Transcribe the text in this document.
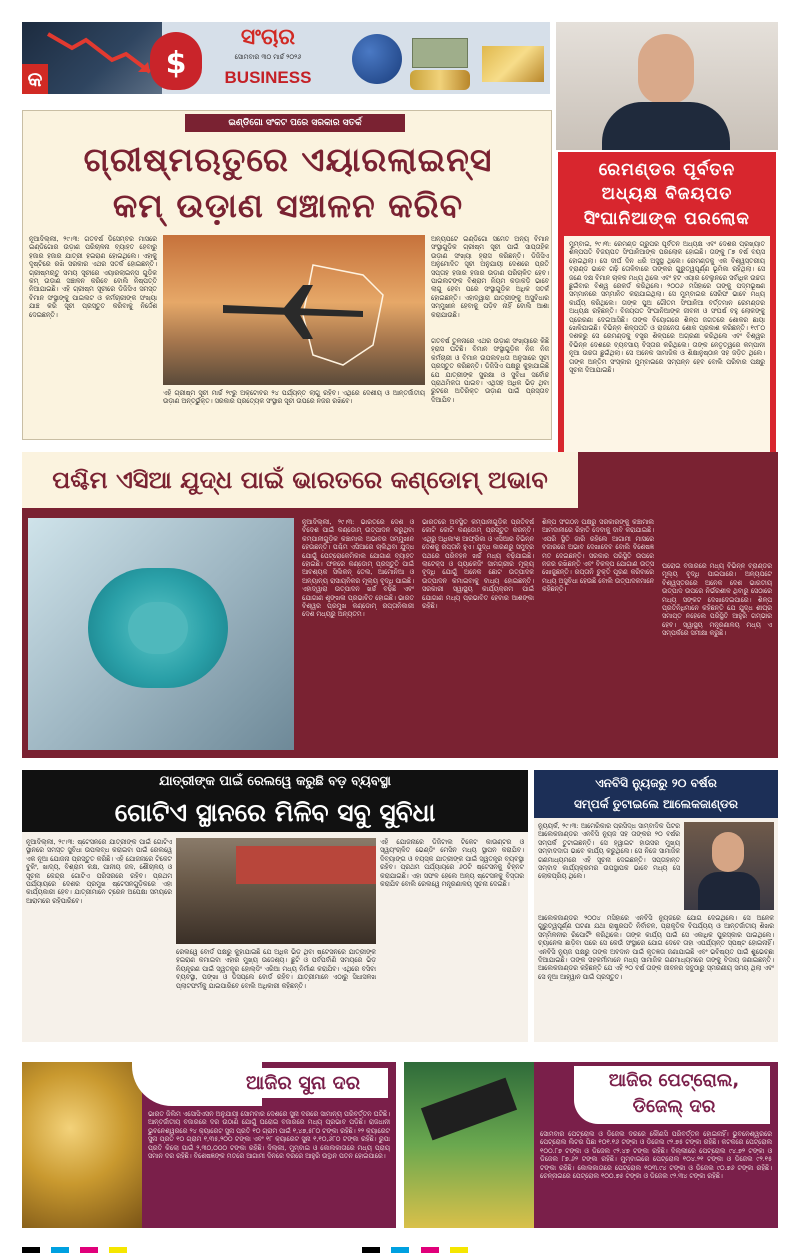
କ	$
ସଂଚାର
ସୋମବାର ୩୦ ମାର୍ଚ୍ଚ ୨୦୨୬
BUSINESS
ଇଣ୍ଡିଗୋ ସଂକଟ ପରେ ସରକାର ସତର୍କ
ଗ୍ରୀଷ୍ମଋତୁରେ ଏୟାରଲାଇନ୍ସ
କମ୍ ଉଡ଼ାଣ ସଞ୍ଚାଳନ କରିବ
ନୂଆଦିଲ୍ଲୀ, ୨୯।୩: ଗତବର୍ଷ ଡିସେମ୍ବର ମାସରେ ଇଣ୍ଡିଗୋର ଉଡ଼ାଣ ପରିଚାଳନା ବ୍ୟାହତ ହେବାରୁ ହଜାର ହଜାର ଯାତ୍ରୀ ହଇରାଣ ହୋଇଥିଲେ। ଏହାକୁ ଦୃଷ୍ଟିରେ ରଖି ସରକାର ଏଥର ସତର୍କ ହୋଇଛନ୍ତି। ଗ୍ରୀଷ୍ମଋତୁ ସମୟ ସୂଚୀରେ ଏୟାରଲାଇନ୍ସ ଗୁଡ଼ିକ କମ୍ ଉଡ଼ାଣ ସଞ୍ଚାଳନ କରିବେ ବୋଲି ନିଷ୍ପତ୍ତି ନିଆଯାଇଛି। ଏହି ଗ୍ରୀଷ୍ମ ସୂଚୀରେ ଡିଜିସିଏ ସମସ୍ତ ବିମାନ ସଂସ୍ଥାଙ୍କୁ ପାଇଲଟ ଓ କର୍ମଚାରୀଙ୍କ ସଂଖ୍ୟା ଯାଞ୍ଚ କରି ସୂଚୀ ପ୍ରସ୍ତୁତ କରିବାକୁ ନିର୍ଦ୍ଦେଶ ଦେଇଛନ୍ତି।
ଏହି ଗ୍ରୀଷ୍ମ ସୂଚୀ ମାର୍ଚ୍ଚ ୨୯ରୁ ଅକ୍ଟୋବର ୨୪ ପର୍ଯ୍ୟନ୍ତ ଲାଗୁ ରହିବ। ଏଥିରେ ଦେଶୀୟ ଓ ଆନ୍ତର୍ଜାତୀୟ ଉଡ଼ାଣ ଅନ୍ତର୍ଭୁକ୍ତ। ସରକାର ପ୍ରତ୍ୟେକ ସଂସ୍ଥାର ସୂଚୀ ଉପରେ ନଜର ରଖିବେ।
ଅନ୍ୟପଟେ ଇଣ୍ଡିଗୋ ସମେତ ଅନ୍ୟ ବିମାନ ସଂସ୍ଥାଗୁଡ଼ିକ ଗ୍ରୀଷ୍ମ ସୂଚୀ ପାଇଁ ସାପ୍ତାହିକ ଉଡ଼ାଣ ସଂଖ୍ୟା ହ୍ରାସ କରିଛନ୍ତି। ଡିଜିସିଏ ଅନୁମୋଦିତ ସୂଚୀ ଅନୁଯାୟୀ ଦେଶରେ ପ୍ରତି ସପ୍ତାହ ହଜାର ହଜାର ଉଡ଼ାଣ ପରିଚାଳିତ ହେବ। ପାଇଲଟଙ୍କ ବିଶ୍ରାମ ନିୟମ କଡ଼ାକଡ଼ି ଭାବେ ଲାଗୁ ହେବା ପରେ ସଂସ୍ଥାଗୁଡ଼ିକ ଅଧିକ ସତର୍କ ହୋଇଛନ୍ତି। ଏହାଦ୍ୱାରା ଯାତ୍ରୀଙ୍କୁ ଅସୁବିଧାର ସମ୍ମୁଖୀନ ହେବାକୁ ପଡ଼ିବ ନାହିଁ ବୋଲି ଆଶା କରାଯାଉଛି।
ଗତବର୍ଷ ତୁଳନାରେ ଏଥର ଉଡ଼ାଣ ସଂଖ୍ୟାରେ କିଛି ହ୍ରାସ ଘଟିଛି। ବିମାନ ସଂସ୍ଥାଗୁଡ଼ିକ ନିଜ ନିଜ କର୍ମଚାରୀ ଓ ବିମାନ ଉପଲବ୍ଧତା ଅନୁସାରେ ସୂଚୀ ପ୍ରସ୍ତୁତ କରିଛନ୍ତି। ଡିଜିସିଏ ପକ୍ଷରୁ କୁହାଯାଇଛି ଯେ ଯାତ୍ରୀଙ୍କ ସୁରକ୍ଷା ଓ ସୁବିଧା ସର୍ବୋଚ୍ଚ ପ୍ରାଥମିକତା ପାଇବ। ଏଥିସହ ଅଧିକ ଭିଡ଼ ଥିବା ରୁଟରେ ଅତିରିକ୍ତ ଉଡ଼ାଣ ପାଇଁ ପ୍ରସ୍ତାବ ଦିଆଯିବ।
ରେମଣ୍ଡର ପୂର୍ବତନ
ଅଧ୍ୟକ୍ଷ ବିଜୟପତ
ସିଂଘାନିଆଙ୍କ ପରଲୋକ
ମୁମ୍ବାଇ, ୨୯।୩: ରେମଣ୍ଡ ଗ୍ରୁପର ପୂର୍ବତନ ଅଧ୍ୟକ୍ଷ ଏବଂ ଦେଶର ପ୍ରଖ୍ୟାତ ଶିଳ୍ପପତି ବିଜୟପତ ସିଂଘାନିଆଙ୍କ ପରଲୋକ ହୋଇଛି। ତାଙ୍କୁ ୮୭ ବର୍ଷ ବୟସ ହୋଇଥିଲା। ସେ ଦୀର୍ଘ ଦିନ ଧରି ଅସୁସ୍ଥ ଥିଲେ। ରେମଣ୍ଡକୁ ଏକ ବିଶ୍ୱସ୍ତରୀୟ ବ୍ରାଣ୍ଡ ଭାବେ ଗଢ଼ି ତୋଳିବାରେ ତାଙ୍କର ଗୁରୁତ୍ୱପୂର୍ଣ୍ଣ ଭୂମିକା ରହିଥିଲା। ସେ ଜଣେ ଦକ୍ଷ ବିମାନ ଚାଳକ ମଧ୍ୟ ଥିଲେ ଏବଂ ହଟ ଏୟାର ବେଲୁନରେ ସର୍ବାଧିକ ଉଚ୍ଚତା ଛୁଇଁବାର ବିଶ୍ୱ ରେକର୍ଡ କରିଥିଲେ। ୨୦୦୬ ମସିହାରେ ତାଙ୍କୁ ପଦ୍ମଭୂଷଣ ସମ୍ମାନରେ ସମ୍ମାନିତ କରାଯାଇଥିଲା। ସେ ମୁମ୍ବାଇର ସେରିଫ ଭାବେ ମଧ୍ୟ କାର୍ଯ୍ୟ କରିଥିଲେ। ତାଙ୍କ ପୁଅ ଗୌତମ ସିଂଘାନିଆ ବର୍ତ୍ତମାନ ରେମଣ୍ଡର ଅଧ୍ୟକ୍ଷ ରହିଛନ୍ତି। ବିଜୟପତ ସିଂଘାନିଆଙ୍କ ଜୀବନୀ ଓ ସଂଘର୍ଷ ବହୁ ଲୋକଙ୍କୁ ପ୍ରେରଣା ଦେଇଆସିଛି। ତାଙ୍କ ବିୟୋଗରେ ଶିଳ୍ପ ଜଗତରେ ଶୋକର ଛାୟା ଖେଳିଯାଇଛି। ବିଭିନ୍ନ ଶିଳ୍ପପତି ଓ ରାଜନେତା ଶୋକ ପ୍ରକାଶ କରିଛନ୍ତି। ୧୯୮୦ ଦଶକରୁ ସେ ରେମଣ୍ଡକୁ ବସ୍ତ୍ର ଶିଳ୍ପରେ ଅଗ୍ରଣୀ କରିଥିଲେ ଏବଂ ବିଶ୍ୱର ବିଭିନ୍ନ ଦେଶରେ ବ୍ୟବସାୟ ବିସ୍ତାର କରିଥିଲେ। ତାଙ୍କ ନେତୃତ୍ୱରେ କମ୍ପାନୀ ନୂଆ ଉଚ୍ଚତା ଛୁଇଁଥିଲା। ସେ ଅନେକ ସାମାଜିକ ଓ ଶିକ୍ଷାନୁଷ୍ଠାନ ସହ ଜଡ଼ିତ ଥିଲେ। ତାଙ୍କ ଅନ୍ତିମ ସଂସ୍କାର ମୁମ୍ବାଇରେ ସମ୍ପନ୍ନ ହେବ ବୋଲି ପରିବାର ପକ୍ଷରୁ ସୂଚନା ଦିଆଯାଇଛି।
ପଶ୍ଚିମ ଏସିଆ ଯୁଦ୍ଧ ପାଇଁ ଭାରତରେ କଣ୍ଡୋମ୍ ଅଭାବ
ନୂଆଦିଲ୍ଲୀ, ୨୯।୩: ଭାରତରେ ଦେଶ ଓ ବିଦେଶ ପାଇଁ କଣ୍ଡୋମ୍ ଉତ୍ପାଦନ କରୁଥିବା କମ୍ପାନୀଗୁଡ଼ିକ କଞ୍ଚାମାଲ ଅଭାବର ସମ୍ମୁଖୀନ ହେଉଛନ୍ତି। ପଶ୍ଚିମ ଏସିଆରେ ଚାଲିଥିବା ଯୁଦ୍ଧ ଯୋଗୁଁ ପେଟ୍ରୋକେମିକାଲ ଯୋଗାଣ ବ୍ୟାହତ ହୋଇଛି। ଫଳରେ କଣ୍ଡୋମ୍ ପ୍ରସ୍ତୁତି ପାଇଁ ଆବଶ୍ୟକ ସିଲିକନ୍ ତେଲ, ଆମୋନିଆ ଓ ଅନ୍ୟାନ୍ୟ ରାସାୟନିକର ମୂଲ୍ୟ ବୃଦ୍ଧି ପାଇଛି। ଏହାଦ୍ୱାରା ଉତ୍ପାଦନ ଖର୍ଚ୍ଚ ବଢ଼ିଛି ଏବଂ ଯୋଗାଣ ଶୃଙ୍ଖଳା ପ୍ରଭାବିତ ହୋଇଛି। ଭାରତ ବିଶ୍ୱର ପ୍ରମୁଖ କଣ୍ଡୋମ୍ ରପ୍ତାନିକାରୀ ଦେଶ ମଧ୍ୟରୁ ଅନ୍ୟତମ।
ଭାରତରେ ଅବସ୍ଥିତ କମ୍ପାନୀଗୁଡ଼ିକ ପ୍ରତିବର୍ଷ କୋଟି କୋଟି କଣ୍ଡୋମ୍ ପ୍ରସ୍ତୁତ କରନ୍ତି। ଏଥିରୁ ଅଧିକାଂଶ ଆଫ୍ରିକା ଓ ଏସିଆର ବିଭିନ୍ନ ଦେଶକୁ ରପ୍ତାନି ହୁଏ। ଯୁଦ୍ଧ କାରଣରୁ ସମୁଦ୍ର ପଥରେ ପରିବହନ ଖର୍ଚ୍ଚ ମଧ୍ୟ ବଢ଼ିଯାଇଛି। ଲାଟେକ୍ସ ଓ ପ୍ୟାକେଜିଂ ସାମଗ୍ରୀର ମୂଲ୍ୟ ବୃଦ୍ଧି ଯୋଗୁଁ ଅନେକ ଛୋଟ ଉତ୍ପାଦକ ଉତ୍ପାଦନ କମାଇବାକୁ ବାଧ୍ୟ ହୋଇଛନ୍ତି। ସରକାରୀ ସ୍ୱାସ୍ଥ୍ୟ କାର୍ଯ୍ୟକ୍ରମ ପାଇଁ ଯୋଗାଣ ମଧ୍ୟ ପ୍ରଭାବିତ ହେବାର ଆଶଙ୍କା ରହିଛି।
ଶିଳ୍ପ ସଂଗଠନ ପକ୍ଷରୁ ସରକାରଙ୍କୁ କଞ୍ଚାମାଲ ଆମଦାନୀରେ ରିହାତି ଦେବାକୁ ଦାବି କରାଯାଇଛି। ଏପରି ସ୍ଥିତି ଜାରି ରହିଲେ ଆଗାମୀ ମାସରେ ବଜାରରେ ଅଭାବ ଦେଖାଦେବ ବୋଲି ବିଶେଷଜ୍ଞ ମତ ଦେଇଛନ୍ତି। ସରକାର ପରିସ୍ଥିତି ଉପରେ ନଜର ରଖିଛନ୍ତି ଏବଂ ବିକଳ୍ପ ଯୋଗାଣ ଉତ୍ସ ଖୋଜୁଛନ୍ତି। ରପ୍ତାନି ଚୁକ୍ତି ପୂରଣ କରିବାରେ ମଧ୍ୟ ଅସୁବିଧା ହେଉଛି ବୋଲି ଉତ୍ପାଦକମାନେ କହିଛନ୍ତି।
ଘରୋଇ ବଜାରରେ ମଧ୍ୟ ବିଭିନ୍ନ ବ୍ରାଣ୍ଡର ମୂଲ୍ୟ ବୃଦ୍ଧି ପାଇପାରେ। ଅନ୍ୟପଟେ ବିଶ୍ୱସ୍ତରରେ ଅନେକ ଦେଶ ଭାରତୀୟ ଉତ୍ପାଦ ଉପରେ ନିର୍ଭରଶୀଳ ଥିବାରୁ ସେଠାରେ ମଧ୍ୟ ସଙ୍କଟ ଦେଖାଦେଇପାରେ। ଶିଳ୍ପ ପ୍ରତିନିଧିମାନେ କହିଛନ୍ତି ଯେ ଯୁଦ୍ଧ ଶୀଘ୍ର ସମାପ୍ତ ନହେଲେ ପରିସ୍ଥିତି ଆହୁରି ଗମ୍ଭୀର ହେବ। ସ୍ୱାସ୍ଥ୍ୟ ମନ୍ତ୍ରଣାଳୟ ମଧ୍ୟ ଏ ସମ୍ପର୍କରେ ସମୀକ୍ଷା କରୁଛି।
ଯାତ୍ରୀଙ୍କ ପାଇଁ ରେଲୱେ କରୁଛି ବଡ଼ ବ୍ୟବସ୍ଥା
ଗୋଟିଏ ସ୍ଥାନରେ ମିଳିବ ସବୁ ସୁବିଧା
ନୂଆଦିଲ୍ଲୀ, ୨୯।୩: ଷ୍ଟେସନରେ ଯାତ୍ରୀଙ୍କ ପାଇଁ ଗୋଟିଏ ସ୍ଥାନରେ ସମସ୍ତ ସୁବିଧା ଉପଲବ୍ଧ କରାଇବା ପାଇଁ ରେଲୱେ ଏକ ନୂଆ ଯୋଜନା ପ୍ରସ୍ତୁତ କରିଛି। ଏହି ଯୋଜନାରେ ଟିକେଟ ବୁକିଂ, ଖାଦ୍ୟ, ବିଶ୍ରାମ କକ୍ଷ, ପାନୀୟ ଜଳ, ଶୌଚାଳୟ ଓ ସୂଚନା କେନ୍ଦ୍ର ଗୋଟିଏ ପରିସରରେ ରହିବ। ପ୍ରଥମ ପର୍ଯ୍ୟାୟରେ ଦେଶର ପ୍ରମୁଖ ଷ୍ଟେସନଗୁଡ଼ିକରେ ଏହା କାର୍ଯ୍ୟକାରୀ ହେବ। ଯାତ୍ରୀମାନେ ଟ୍ରେନ ଅପେକ୍ଷା ସମୟରେ ଆରାମରେ ରହିପାରିବେ।
ରେଲୱେ ବୋର୍ଡ ପକ୍ଷରୁ କୁହାଯାଇଛି ଯେ ଅଧିକ ଭିଡ଼ ଥିବା ଷ୍ଟେସନରେ ଯାତ୍ରୀଙ୍କ ହଇରାଣ କମାଇବା ଏହାର ମୁଖ୍ୟ ଉଦ୍ଦେଶ୍ୟ। ଛୁଟି ଓ ପର୍ବପର୍ବାଣି ସମୟରେ ଭିଡ଼ ନିୟନ୍ତ୍ରଣ ପାଇଁ ସ୍ୱତନ୍ତ୍ର ହୋଲ୍ଡିଂ ଏରିଆ ମଧ୍ୟ ନିର୍ମାଣ କରାଯିବ। ଏଥିରେ ବସିବା ବ୍ୟବସ୍ଥା, ପଙ୍ଖା ଓ ଡିସପ୍ଲେ ବୋର୍ଡ ରହିବ। ଯାତ୍ରୀମାନେ ଏଠାରୁ ସିଧାସଳଖ ପ୍ଲାଟଫର୍ମକୁ ଯାଇପାରିବେ ବୋଲି ଅଧିକାରୀ କହିଛନ୍ତି।
ଏହି ଯୋଜନାରେ ଡିଜିଟାଲ ଟିକେଟ କାଉଣ୍ଟର ଓ ସ୍ୱୟଂଚାଳିତ ଭେଣ୍ଡିଂ ମେସିନ ମଧ୍ୟ ସ୍ଥାପନ କରାଯିବ। ଦିବ୍ୟାଙ୍ଗ ଓ ବୟସ୍କ ଯାତ୍ରୀଙ୍କ ପାଇଁ ସ୍ୱତନ୍ତ୍ର ବ୍ୟବସ୍ଥା ରହିବ। ପ୍ରଥମ ପର୍ଯ୍ୟାୟରେ ୬୦ଟି ଷ୍ଟେସନକୁ ଚିହ୍ନଟ କରାଯାଇଛି। ଏହା ସଫଳ ହେଲେ ଅନ୍ୟ ଷ୍ଟେସନକୁ ବିସ୍ତାର କରାଯିବ ବୋଲି ରେଲୱେ ମନ୍ତ୍ରଣାଳୟ ସୂଚନା ଦେଇଛି।
ଏନବିସି ନ୍ୟୁଜରୁ ୨୦ ବର୍ଷର
ସମ୍ପର୍କ ତୁଟାଇଲେ ଆଲେକଜାଣ୍ଡର
ନ୍ୟୁୟର୍କ, ୨୯।୩: ଆମେରିକାର ପ୍ରସିଦ୍ଧ ସାମ୍ବାଦିକ ପିଟର ଆଲେକଜାଣ୍ଡର ଏନବିସି ନ୍ୟୁଜ ସହ ତାଙ୍କର ୨୦ ବର୍ଷର ସମ୍ପର୍କ ତୁଟାଇଛନ୍ତି। ସେ ହ୍ୱାଇଟ ହାଉସର ମୁଖ୍ୟ ସମ୍ବାଦଦାତା ଭାବେ କାର୍ଯ୍ୟ କରୁଥିଲେ। ସେ ନିଜେ ସାମାଜିକ ଗଣମାଧ୍ୟମରେ ଏହି ସୂଚନା ଦେଇଛନ୍ତି। ସପ୍ତାହାନ୍ତ ସମ୍ବାଦ କାର୍ଯ୍ୟକ୍ରମର ଉପସ୍ଥାପକ ଭାବେ ମଧ୍ୟ ସେ ଲୋକପ୍ରିୟ ଥିଲେ।
ଆଲେକଜାଣ୍ଡର ୨୦୦୪ ମସିହାରେ ଏନବିସି ନ୍ୟୁଜରେ ଯୋଗ ଦେଇଥିଲେ। ସେ ଅନେକ ଗୁରୁତ୍ୱପୂର୍ଣ୍ଣ ଘଟଣା ଯଥା ରାଷ୍ଟ୍ରପତି ନିର୍ବାଚନ, ପ୍ରାକୃତିକ ବିପର୍ଯ୍ୟୟ ଓ ଆନ୍ତର୍ଜାତୀୟ ଶିଖର ସମ୍ମିଳନୀର ରିପୋର୍ଟିଂ କରିଥିଲେ। ତାଙ୍କ କାର୍ଯ୍ୟ ପାଇଁ ସେ ଏକାଧିକ ପୁରସ୍କାର ପାଇଥିଲେ। ଚ୍ୟାନେଲ ଛାଡ଼ିବା ପରେ ସେ କେଉଁ ସଂସ୍ଥାରେ ଯୋଗ ଦେବେ ତାହା ଏପର୍ଯ୍ୟନ୍ତ ସ୍ପଷ୍ଟ ହୋଇନାହିଁ। ଏନବିସି ନ୍ୟୁଜ ପକ୍ଷରୁ ତାଙ୍କ ଅବଦାନ ପାଇଁ କୃତଜ୍ଞତା ଜଣାଯାଇଛି ଏବଂ ଭବିଷ୍ୟତ ପାଇଁ ଶୁଭେଚ୍ଛା ଦିଆଯାଇଛି। ତାଙ୍କ ସହକର୍ମୀମାନେ ମଧ୍ୟ ସାମାଜିକ ଗଣମାଧ୍ୟମରେ ତାଙ୍କୁ ବିଦାୟ ଜଣାଇଛନ୍ତି। ଆଲେକଜାଣ୍ଡର କହିଛନ୍ତି ଯେ ଏହି ୨୦ ବର୍ଷ ତାଙ୍କ ଜୀବନର ସବୁଠାରୁ ସ୍ମରଣୀୟ ସମୟ ଥିଲା ଏବଂ ସେ ନୂଆ ଆହ୍ୱାନ ପାଇଁ ପ୍ରସ୍ତୁତ।
ଆଜିର ସୁନା ଦର
ଭାରତ ଜିଲିମ ଏସୋସିଏସନ ଅନୁଯାୟୀ ସୋମବାର ଦେଶରେ ସୁନା ଦରରେ ସାମାନ୍ୟ ପରିବର୍ତ୍ତନ ଘଟିଛି। ଆନ୍ତର୍ଜାତୀୟ ବଜାରରେ ଦର ଉଠାଣି ଯୋଗୁଁ ଘରୋଇ ବଜାରରେ ମଧ୍ୟ ପ୍ରଭାବ ପଡ଼ିଛି। ରାଜଧାନୀ ଭୁବନେଶ୍ୱରରେ ୨୪ କ୍ୟାରେଟ ସୁନା ପ୍ରତି ୧୦ ଗ୍ରାମ ପାଇଁ ୧,୪୭,୫୮୦ ଟଙ୍କା ରହିଛି। ୨୨ କ୍ୟାରେଟ ସୁନା ପ୍ରତି ୧୦ ଗ୍ରାମ ୧,୩୫,୨୦୦ ଟଙ୍କା ଏବଂ ୧୮ କ୍ୟାରେଟ ସୁନା ୧,୧୦,୬୮୦ ଟଙ୍କା ରହିଛି। ରୁପା ପ୍ରତି କିଲୋ ପାଇଁ ୨,୩୦,୦୦୦ ଟଙ୍କା ରହିଛି। ଦିଲ୍ଲୀ, ମୁମ୍ବାଇ ଓ କୋଲକାତାରେ ମଧ୍ୟ ପ୍ରାୟ ସମାନ ଦର ରହିଛି। ବିଶେଷଜ୍ଞଙ୍କ ମତରେ ଆଗାମୀ ଦିନରେ ଦରରେ ଆହୁରି ଉତ୍ଥାନ ପତନ ହୋଇପାରେ।
ଆଜିର ପେଟ୍ରୋଲ,
ଡିଜେଲ୍ ଦର
ସୋମବାର ପେଟ୍ରୋଲ ଓ ଡିଜେଲ ଦରରେ କୌଣସି ପରିବର୍ତ୍ତନ ହୋଇନାହିଁ। ଭୁବନେଶ୍ୱରରେ ପେଟ୍ରୋଲ ଲିଟର ପିଛା ୧୦୧.୧୬ ଟଙ୍କା ଓ ଡିଜେଲ ୯୨.୭୫ ଟଙ୍କା ରହିଛି। କଟକରେ ପେଟ୍ରୋଲ ୧୦୦.୮୭ ଟଙ୍କା ଓ ଡିଜେଲ ୯୨.୪୭ ଟଙ୍କା ରହିଛି। ଦିଲ୍ଲୀରେ ପେଟ୍ରୋଲ ୯୪.୭୨ ଟଙ୍କା ଓ ଡିଜେଲ ୮୭.୬୨ ଟଙ୍କା ରହିଛି। ମୁମ୍ବାଇରେ ପେଟ୍ରୋଲ ୧୦୪.୨୧ ଟଙ୍କା ଓ ଡିଜେଲ ୯୨.୧୫ ଟଙ୍କା ରହିଛି। କୋଲକାତାରେ ପେଟ୍ରୋଲ ୧୦୩.୯୪ ଟଙ୍କା ଓ ଡିଜେଲ ୯୦.୭୬ ଟଙ୍କା ରହିଛି। ଚେନ୍ନାଇରେ ପେଟ୍ରୋଲ ୧୦୦.୭୫ ଟଙ୍କା ଓ ଡିଜେଲ ୯୨.୩୪ ଟଙ୍କା ରହିଛି।
